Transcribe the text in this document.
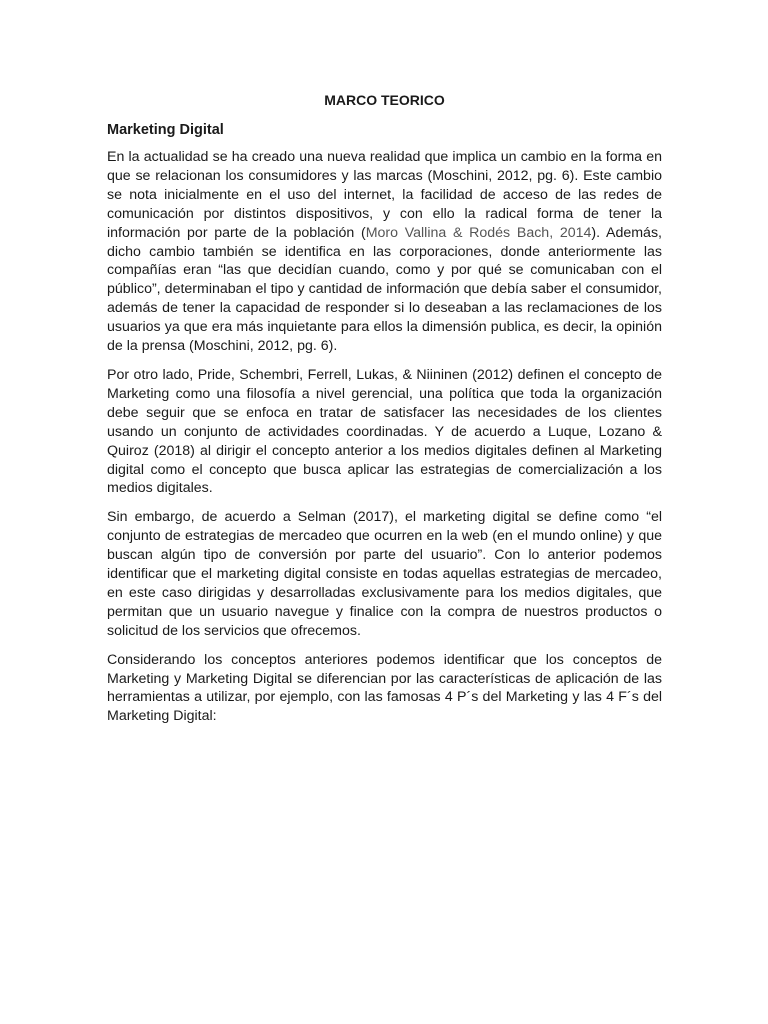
MARCO TEORICO
Marketing Digital

En la actualidad se ha creado una nueva realidad que implica un cambio en la forma en que se relacionan los consumidores y las marcas (Moschini, 2012, pg. 6). Este cambio se nota inicialmente en el uso del internet, la facilidad de acceso de las redes de comunicación por distintos dispositivos, y con ello la radical forma de tener la información por parte de la población (Moro Vallina & Rodés Bach, 2014). Además, dicho cambio también se identifica en las corporaciones, donde anteriormente las compañías eran “las que decidían cuando, como y por qué se comunicaban con el público”, determinaban el tipo y cantidad de información que debía saber el consumidor, además de tener la capacidad de responder si lo deseaban a las reclamaciones de los usuarios ya que era más inquietante para ellos la dimensión publica, es decir, la opinión de la prensa (Moschini, 2012, pg. 6).

Por otro lado, Pride, Schembri, Ferrell, Lukas, & Niininen (2012) definen el concepto de Marketing como una filosofía a nivel gerencial, una política que toda la organización debe seguir que se enfoca en tratar de satisfacer las necesidades de los clientes usando un conjunto de actividades coordinadas. Y de acuerdo a Luque, Lozano & Quiroz (2018) al dirigir el concepto anterior a los medios digitales definen al Marketing digital como el concepto que busca aplicar las estrategias de comercialización a los medios digitales.

Sin embargo, de acuerdo a Selman (2017), el marketing digital se define como “el conjunto de estrategias de mercadeo que ocurren en la web (en el mundo online) y que buscan algún tipo de conversión por parte del usuario”. Con lo anterior podemos identificar que el marketing digital consiste en todas aquellas estrategias de mercadeo, en este caso dirigidas y desarrolladas exclusivamente para los medios digitales, que permitan que un usuario navegue y finalice con la compra de nuestros productos o solicitud de los servicios que ofrecemos.

Considerando los conceptos anteriores podemos identificar que los conceptos de Marketing y Marketing Digital se diferencian por las características de aplicación de las herramientas a utilizar, por ejemplo, con las famosas 4 P´s del Marketing y las 4 F´s del Marketing Digital:
